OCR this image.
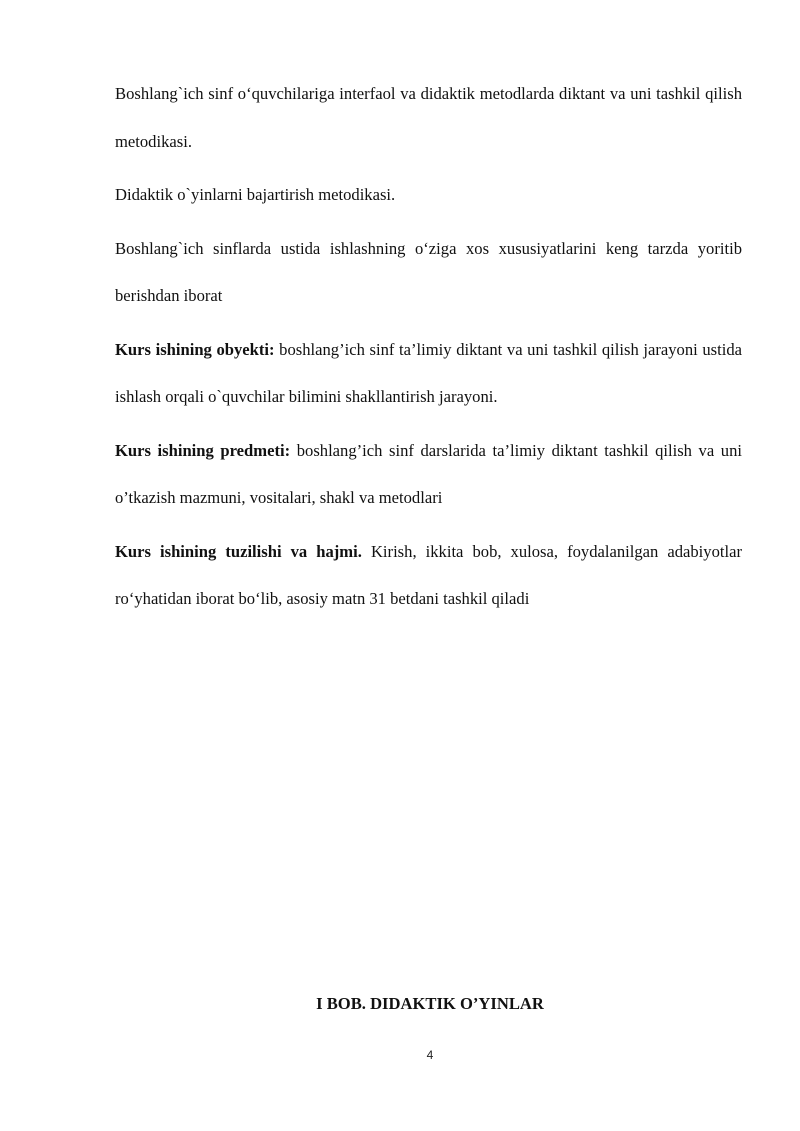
Boshlang`ich sinf o‘quvchilariga interfaol va didaktik metodlarda diktant va uni tashkil qilish metodikasi.

Didaktik o`yinlarni bajartirish metodikasi.

Boshlang`ich sinflarda ustida ishlashning o‘ziga xos xususiyatlarini keng tarzda yoritib berishdan iborat

Kurs ishining obyekti: boshlang’ich sinf ta’limiy diktant va uni tashkil qilish jarayoni ustida ishlash orqali o`quvchilar bilimini shakllantirish jarayoni.

Kurs ishining predmeti: boshlang’ich sinf darslarida ta’limiy diktant tashkil qilish va uni o’tkazish mazmuni, vositalari, shakl va metodlari

Kurs ishining tuzilishi va hajmi. Kirish, ikkita bob, xulosa, foydalanilgan adabiyotlar ro‘yhatidan iborat bo‘lib, asosiy matn 31 betdani tashkil qiladi

I BOB. DIDAKTIK O’YINLAR
4
